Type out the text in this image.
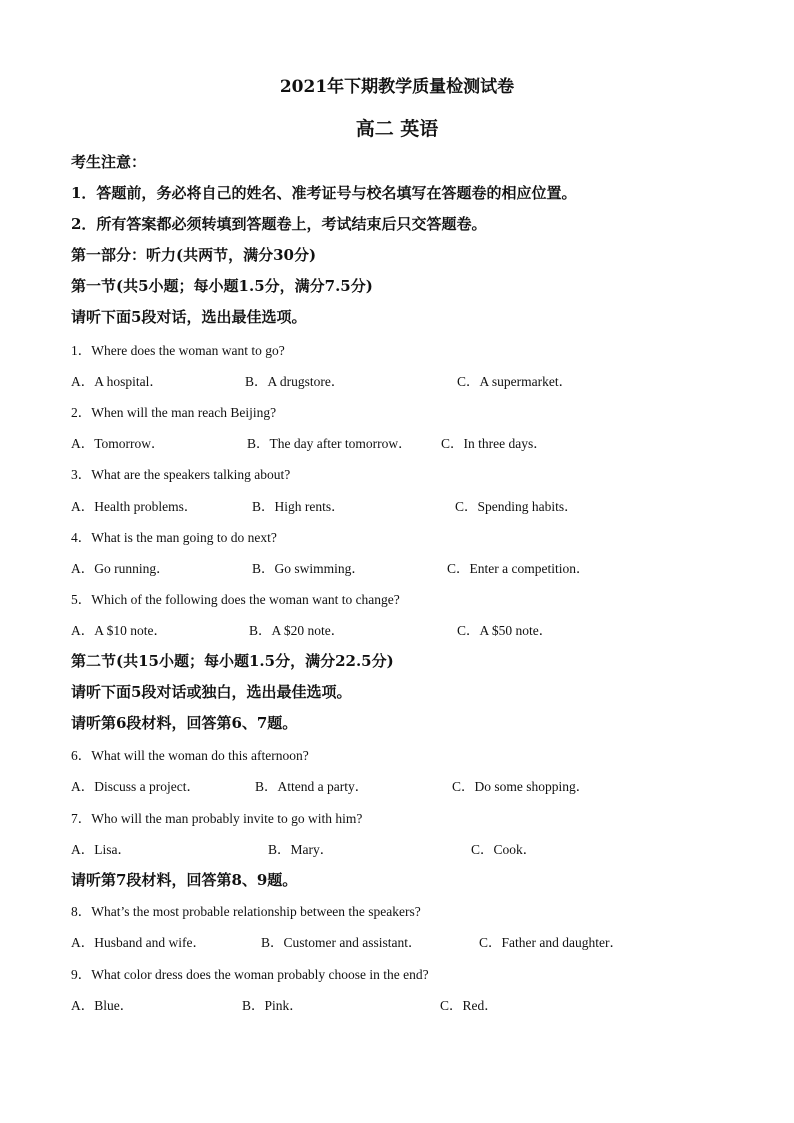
2021年下期教学质量检测试卷
高二 英语
考生注意：
1．答题前，务必将自己的姓名、准考证号与校名填写在答题卷的相应位置。
2．所有答案都必须转填到答题卷上，考试结束后只交答题卷。
第一部分：听力(共两节，满分30分)
第一节(共5小题；每小题1.5分，满分7.5分)
请听下面5段对话，选出最佳选项。
1．Where does the woman want to go?
A．A hospital．	B．A drugstore．	C．A supermarket．
2．When will the man reach Beijing?
A．Tomorrow．	B．The day after tomorrow． C．In three days．
3．What are the speakers talking about?
A．Health problems．	B．High rents．	C．Spending habits．
4．What is the man going to do next?
A．Go running．	B．Go swimming．	C．Enter a competition．
5．Which of the following does the woman want to change?
A．A $10 note．	B．A $20 note．	C．A $50 note．
第二节(共15小题；每小题1.5分，满分22.5分)
请听下面5段对话或独白，选出最佳选项。
请听第6段材料，回答第6、7题。
6．What will the woman do this afternoon?
A．Discuss a project．	B．Attend a party．	C．Do some shopping．
7．Who will the man probably invite to go with him?
A．Lisa．	B．Mary．	C．Cook．
请听第7段材料，回答第8、9题。
8．What’s the most probable relationship between the speakers?
A．Husband and wife．	B．Customer and assistant．	C．Father and daughter．
9．What color dress does the woman probably choose in the end?
A．Blue．	B．Pink．	C．Red．
